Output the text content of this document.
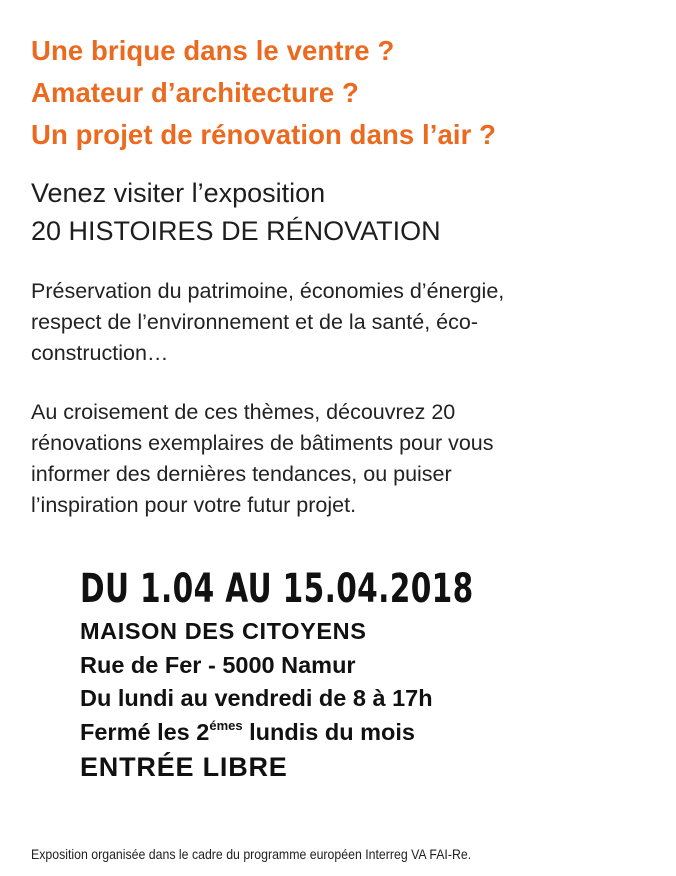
Une brique dans le ventre ?
Amateur d’architecture ?
Un projet de rénovation dans l’air ?
Venez visiter l’exposition
20 HISTOIRES DE RÉNOVATION
Préservation du patrimoine, économies d’énergie,
respect de l’environnement et de la santé, éco-
construction…
Au croisement de ces thèmes, découvrez 20
rénovations exemplaires de bâtiments pour vous
informer des dernières tendances, ou puiser
l’inspiration pour votre futur projet.
DU 1.04 AU 15.04.2018
MAISON DES CITOYENS
Rue de Fer - 5000 Namur
Du lundi au vendredi de 8 à 17h
Fermé les $2^{émes}$ lundis du mois
ENTRÉE LIBRE
Exposition organisée dans le cadre du programme européen Interreg VA FAI-Re.
